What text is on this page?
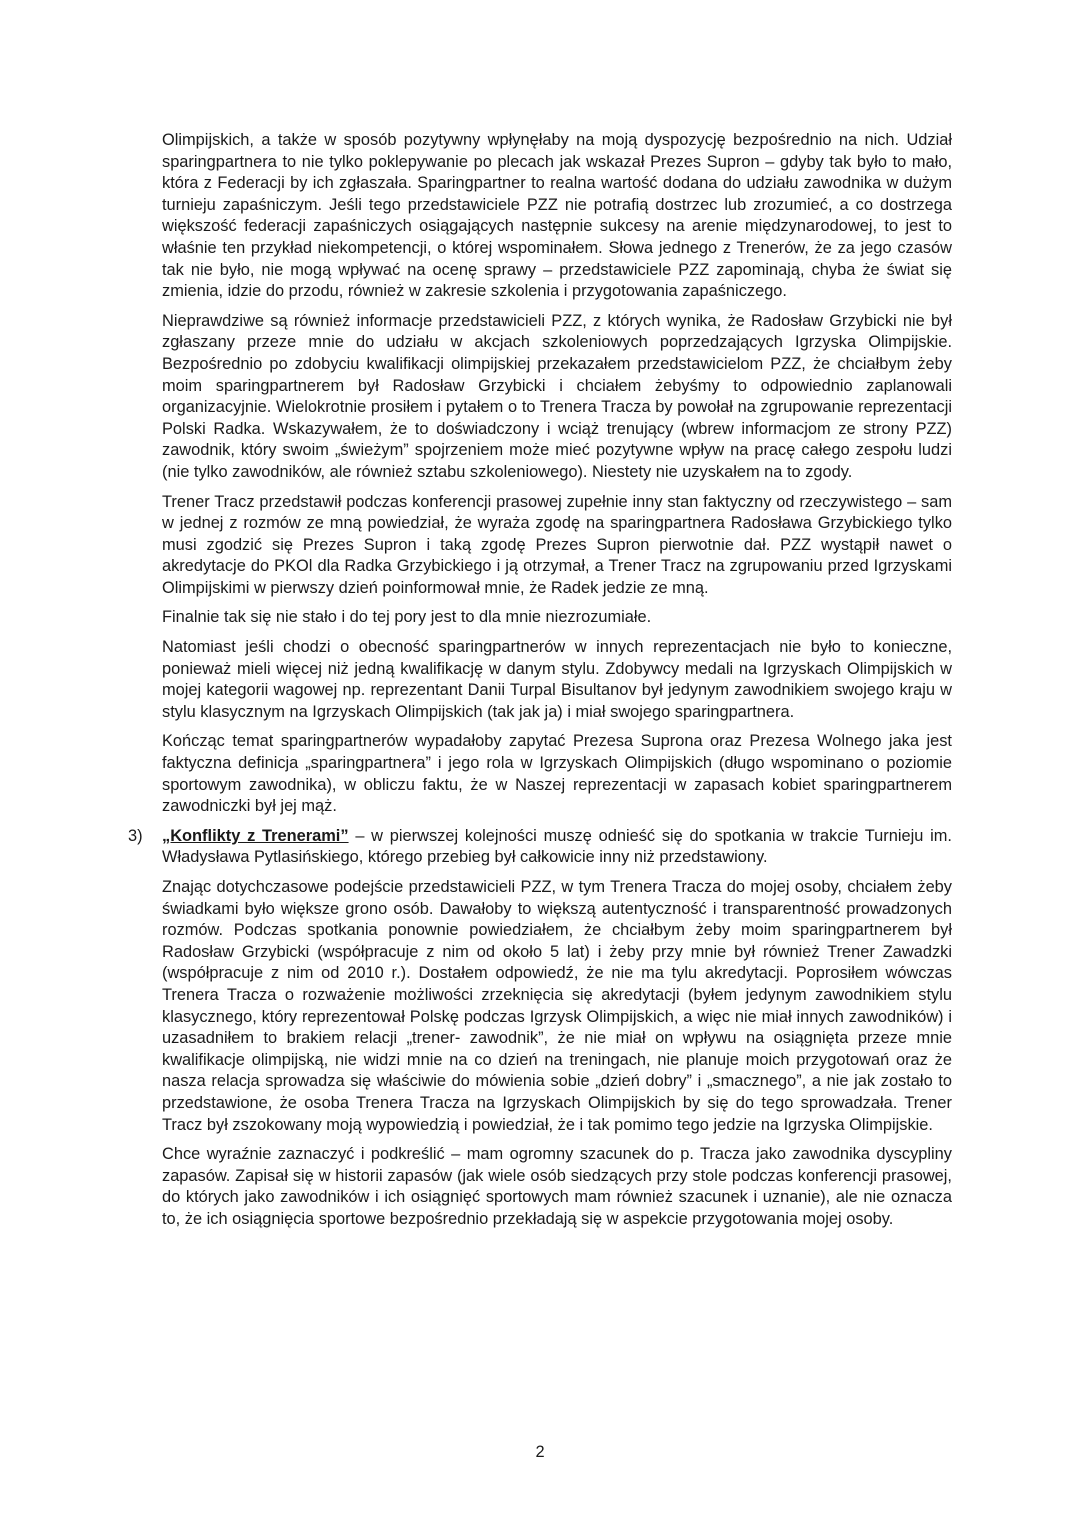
Olimpijskich, a także w sposób pozytywny wpłynęłaby na moją dyspozycję bezpośrednio na nich. Udział sparingpartnera to nie tylko poklepywanie po plecach jak wskazał Prezes Supron – gdyby tak było to mało, która z Federacji by ich zgłaszała. Sparingpartner to realna wartość dodana do udziału zawodnika w dużym turnieju zapaśniczym. Jeśli tego przedstawiciele PZZ nie potrafią dostrzec lub zrozumieć, a co dostrzega większość federacji zapaśniczych osiągających następnie sukcesy na arenie międzynarodowej, to jest to właśnie ten przykład niekompetencji, o której wspominałem. Słowa jednego z Trenerów, że za jego czasów tak nie było, nie mogą wpływać na ocenę sprawy – przedstawiciele PZZ zapominają, chyba że świat się zmienia, idzie do przodu, również w zakresie szkolenia i przygotowania zapaśniczego.

Nieprawdziwe są również informacje przedstawicieli PZZ, z których wynika, że Radosław Grzybicki nie był zgłaszany przeze mnie do udziału w akcjach szkoleniowych poprzedzających Igrzyska Olimpijskie. Bezpośrednio po zdobyciu kwalifikacji olimpijskiej przekazałem przedstawicielom PZZ, że chciałbym żeby moim sparingpartnerem był Radosław Grzybicki i chciałem żebyśmy to odpowiednio zaplanowali organizacyjnie. Wielokrotnie prosiłem i pytałem o to Trenera Tracza by powołał na zgrupowanie reprezentacji Polski Radka. Wskazywałem, że to doświadczony i wciąż trenujący (wbrew informacjom ze strony PZZ) zawodnik, który swoim „świeżym” spojrzeniem może mieć pozytywne wpływ na pracę całego zespołu ludzi (nie tylko zawodników, ale również sztabu szkoleniowego). Niestety nie uzyskałem na to zgody.

Trener Tracz przedstawił podczas konferencji prasowej zupełnie inny stan faktyczny od rzeczywistego – sam w jednej z rozmów ze mną powiedział, że wyraża zgodę na sparingpartnera Radosława Grzybickiego tylko musi zgodzić się Prezes Supron i taką zgodę Prezes Supron pierwotnie dał. PZZ wystąpił nawet o akredytacje do PKOl dla Radka Grzybickiego i ją otrzymał, a Trener Tracz na zgrupowaniu przed Igrzyskami Olimpijskimi w pierwszy dzień poinformował mnie, że Radek jedzie ze mną.

Finalnie tak się nie stało i do tej pory jest to dla mnie niezrozumiałe.

Natomiast jeśli chodzi o obecność sparingpartnerów w innych reprezentacjach nie było to konieczne, ponieważ mieli więcej niż jedną kwalifikację w danym stylu. Zdobywcy medali na Igrzyskach Olimpijskich w mojej kategorii wagowej np. reprezentant Danii Turpal Bisultanov był jedynym zawodnikiem swojego kraju w stylu klasycznym na Igrzyskach Olimpijskich (tak jak ja) i miał swojego sparingpartnera.

Kończąc temat sparingpartnerów wypadałoby zapytać Prezesa Suprona oraz Prezesa Wolnego jaka jest faktyczna definicja „sparingpartnera” i jego rola w Igrzyskach Olimpijskich (długo wspominano o poziomie sportowym zawodnika), w obliczu faktu, że w Naszej reprezentacji w zapasach kobiet sparingpartnerem zawodniczki był jej mąż.

3) „Konflikty z Trenerami” – w pierwszej kolejności muszę odnieść się do spotkania w trakcie Turnieju im. Władysława Pytlasińskiego, którego przebieg był całkowicie inny niż przedstawiony.

Znając dotychczasowe podejście przedstawicieli PZZ, w tym Trenera Tracza do mojej osoby, chciałem żeby świadkami było większe grono osób. Dawałoby to większą autentyczność i transparentność prowadzonych rozmów. Podczas spotkania ponownie powiedziałem, że chciałbym żeby moim sparingpartnerem był Radosław Grzybicki (współpracuje z nim od około 5 lat) i żeby przy mnie był również Trener Zawadzki (współpracuje z nim od 2010 r.). Dostałem odpowiedź, że nie ma tylu akredytacji. Poprosiłem wówczas Trenera Tracza o rozważenie możliwości zrzeknięcia się akredytacji (byłem jedynym zawodnikiem stylu klasycznego, który reprezentował Polskę podczas Igrzysk Olimpijskich, a więc nie miał innych zawodników) i uzasadniłem to brakiem relacji „trener- zawodnik”, że nie miał on wpływu na osiągnięta przeze mnie kwalifikacje olimpijską, nie widzi mnie na co dzień na treningach, nie planuje moich przygotowań oraz że nasza relacja sprowadza się właściwie do mówienia sobie „dzień dobry” i „smacznego”, a nie jak zostało to przedstawione, że osoba Trenera Tracza na Igrzyskach Olimpijskich by się do tego sprowadzała. Trener Tracz był zszokowany moją wypowiedzią i powiedział, że i tak pomimo tego jedzie na Igrzyska Olimpijskie.

Chce wyraźnie zaznaczyć i podkreślić – mam ogromny szacunek do p. Tracza jako zawodnika dyscypliny zapasów. Zapisał się w historii zapasów (jak wiele osób siedzących przy stole podczas konferencji prasowej, do których jako zawodników i ich osiągnięć sportowych mam również szacunek i uznanie), ale nie oznacza to, że ich osiągnięcia sportowe bezpośrednio przekładają się w aspekcie przygotowania mojej osoby.

2
